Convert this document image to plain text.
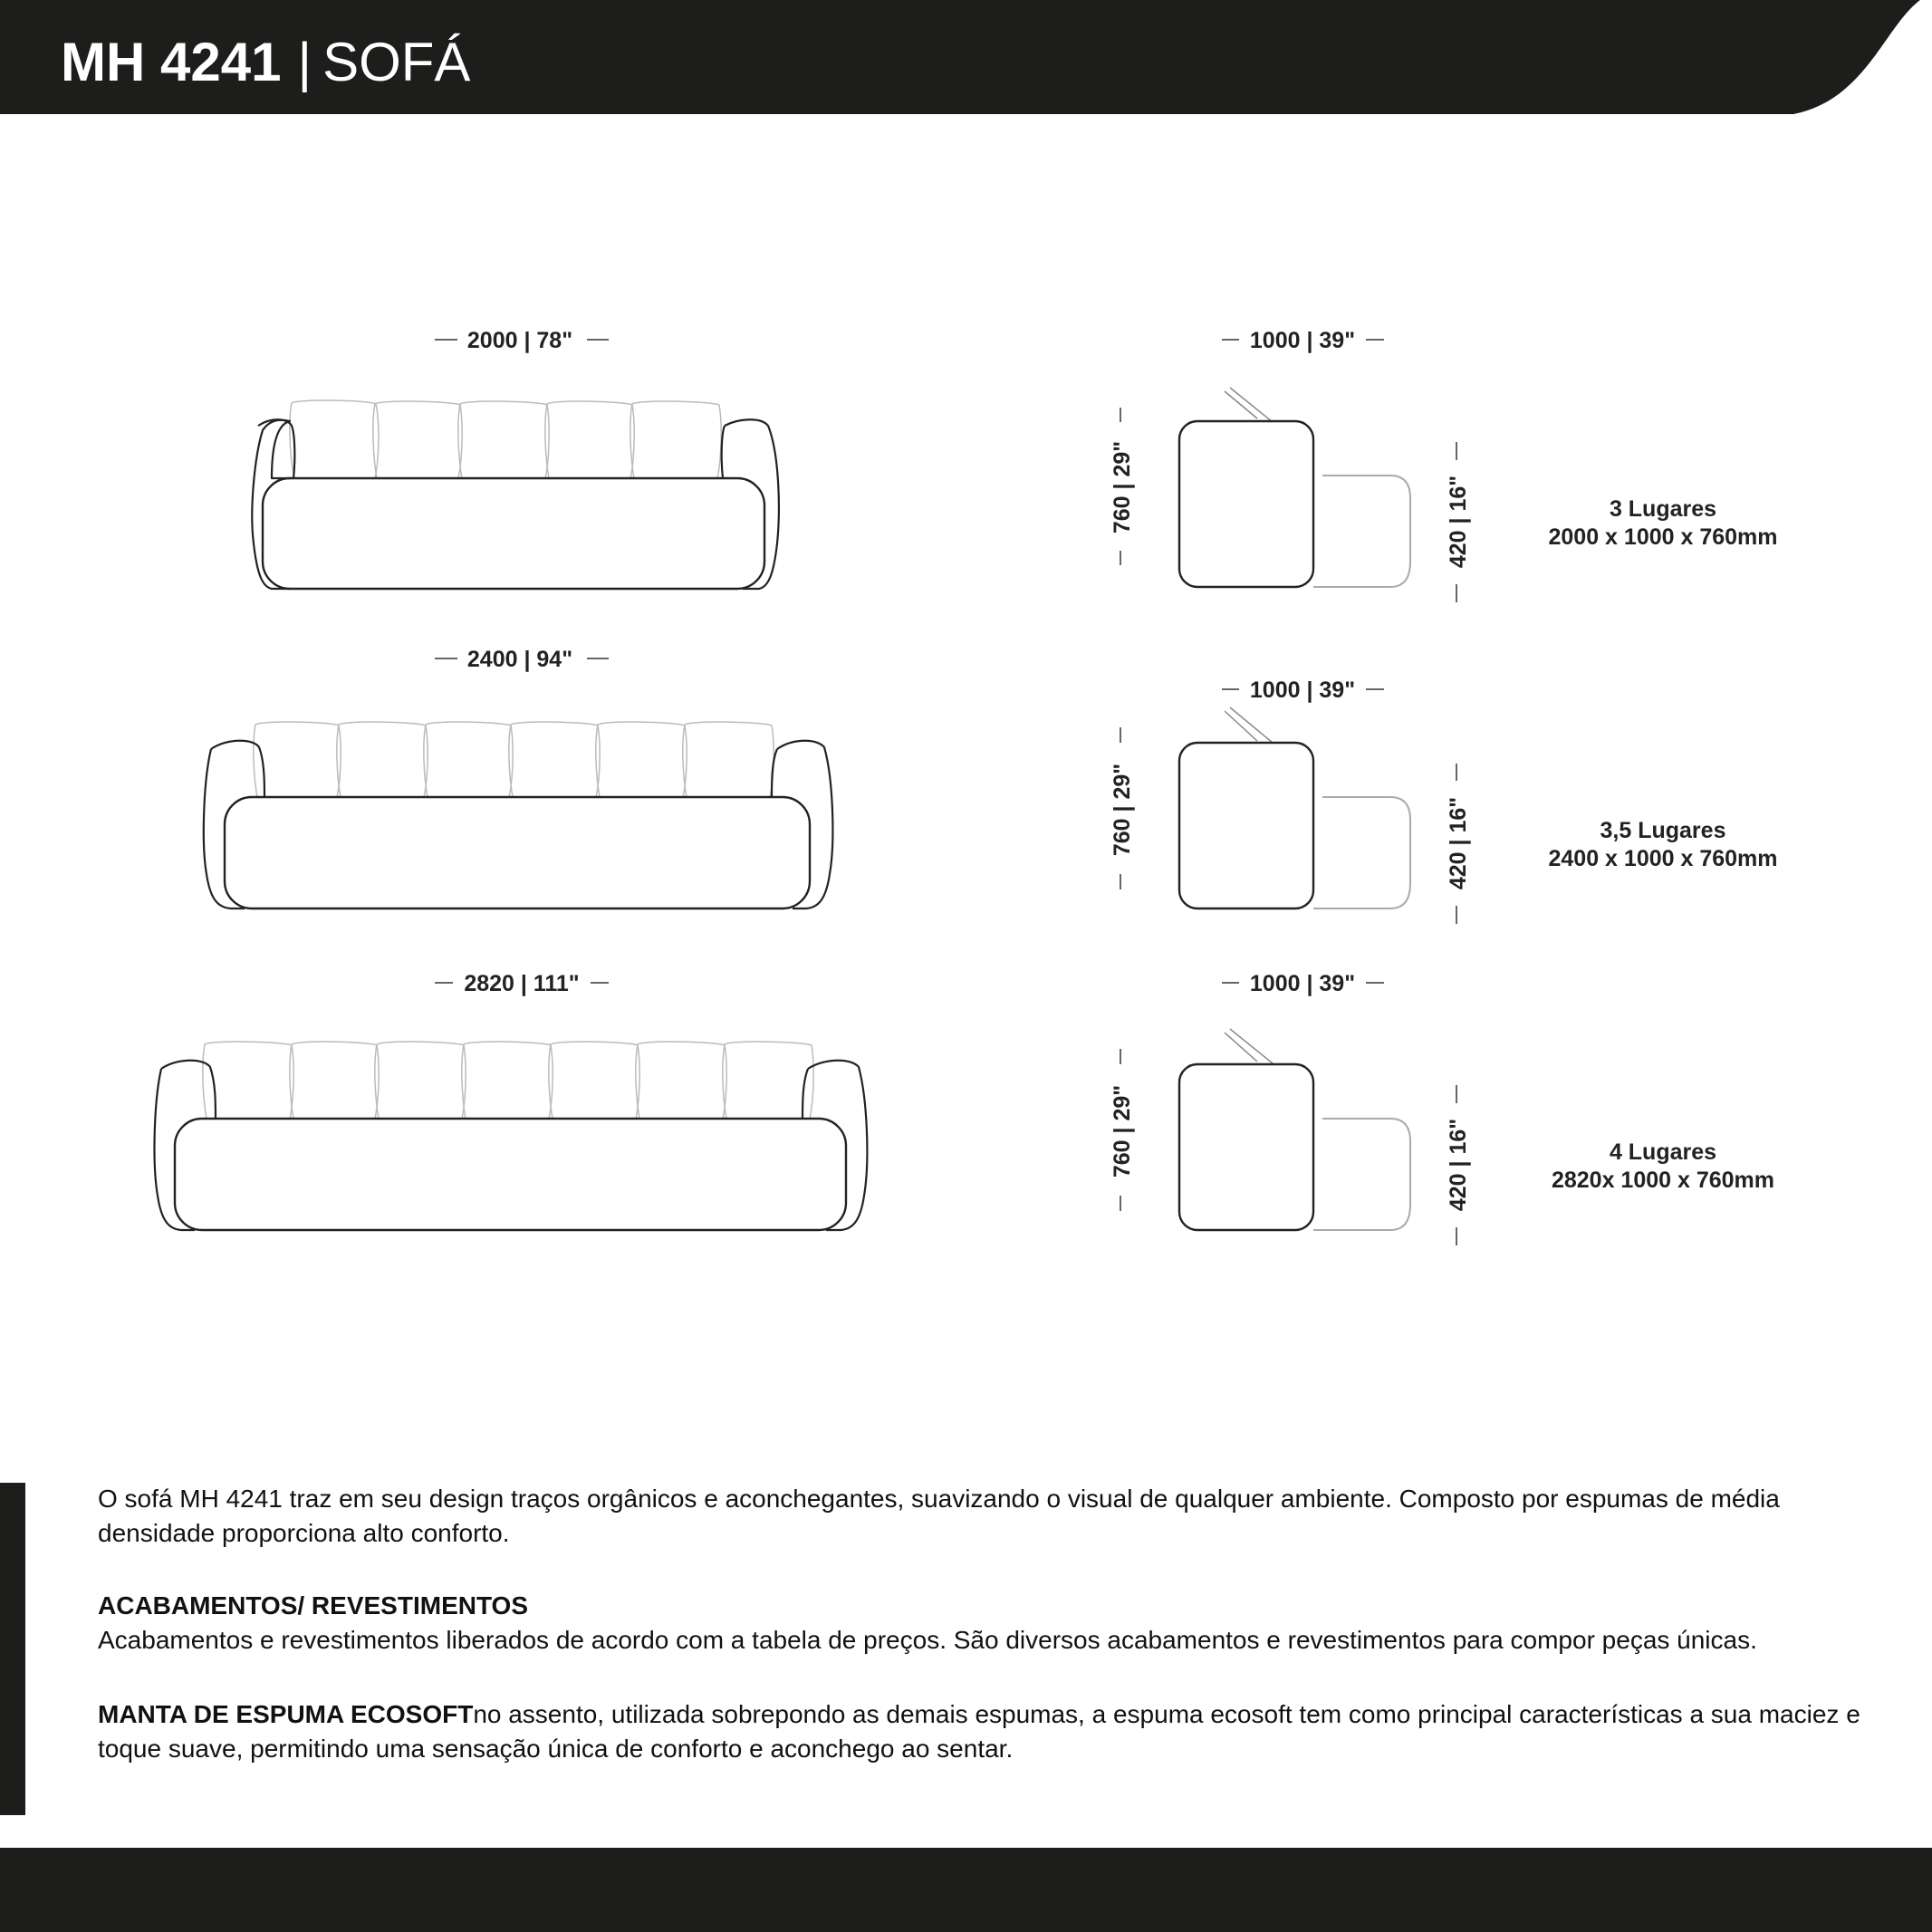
MH 4241 | SOFÁ
2000 | 78"	1000 | 39"
760 | 29"	420 | 16"	3 Lugares
2000 x 1000 x 760mm
2400 | 94"
1000 | 39"
760 | 29"	420 | 16"	3,5 Lugares
2400 x 1000 x 760mm
2820 | 111"	1000 | 39"
760 | 29"	420 | 16"	4 Lugares
2820x 1000 x 760mm
O sofá MH 4241 traz em seu design traços orgânicos e aconchegantes, suavizando o visual de qualquer ambiente. Composto por espumas de média densidade proporciona alto conforto.
ACABAMENTOS/ REVESTIMENTOS
Acabamentos e revestimentos liberados de acordo com a tabela de preços. São diversos acabamentos e revestimentos para compor peças únicas.
MANTA DE ESPUMA ECOSOFTno assento, utilizada sobrepondo as demais espumas, a espuma ecosoft tem como principal características a sua maciez e toque suave, permitindo uma sensação única de conforto e aconchego ao sentar.
